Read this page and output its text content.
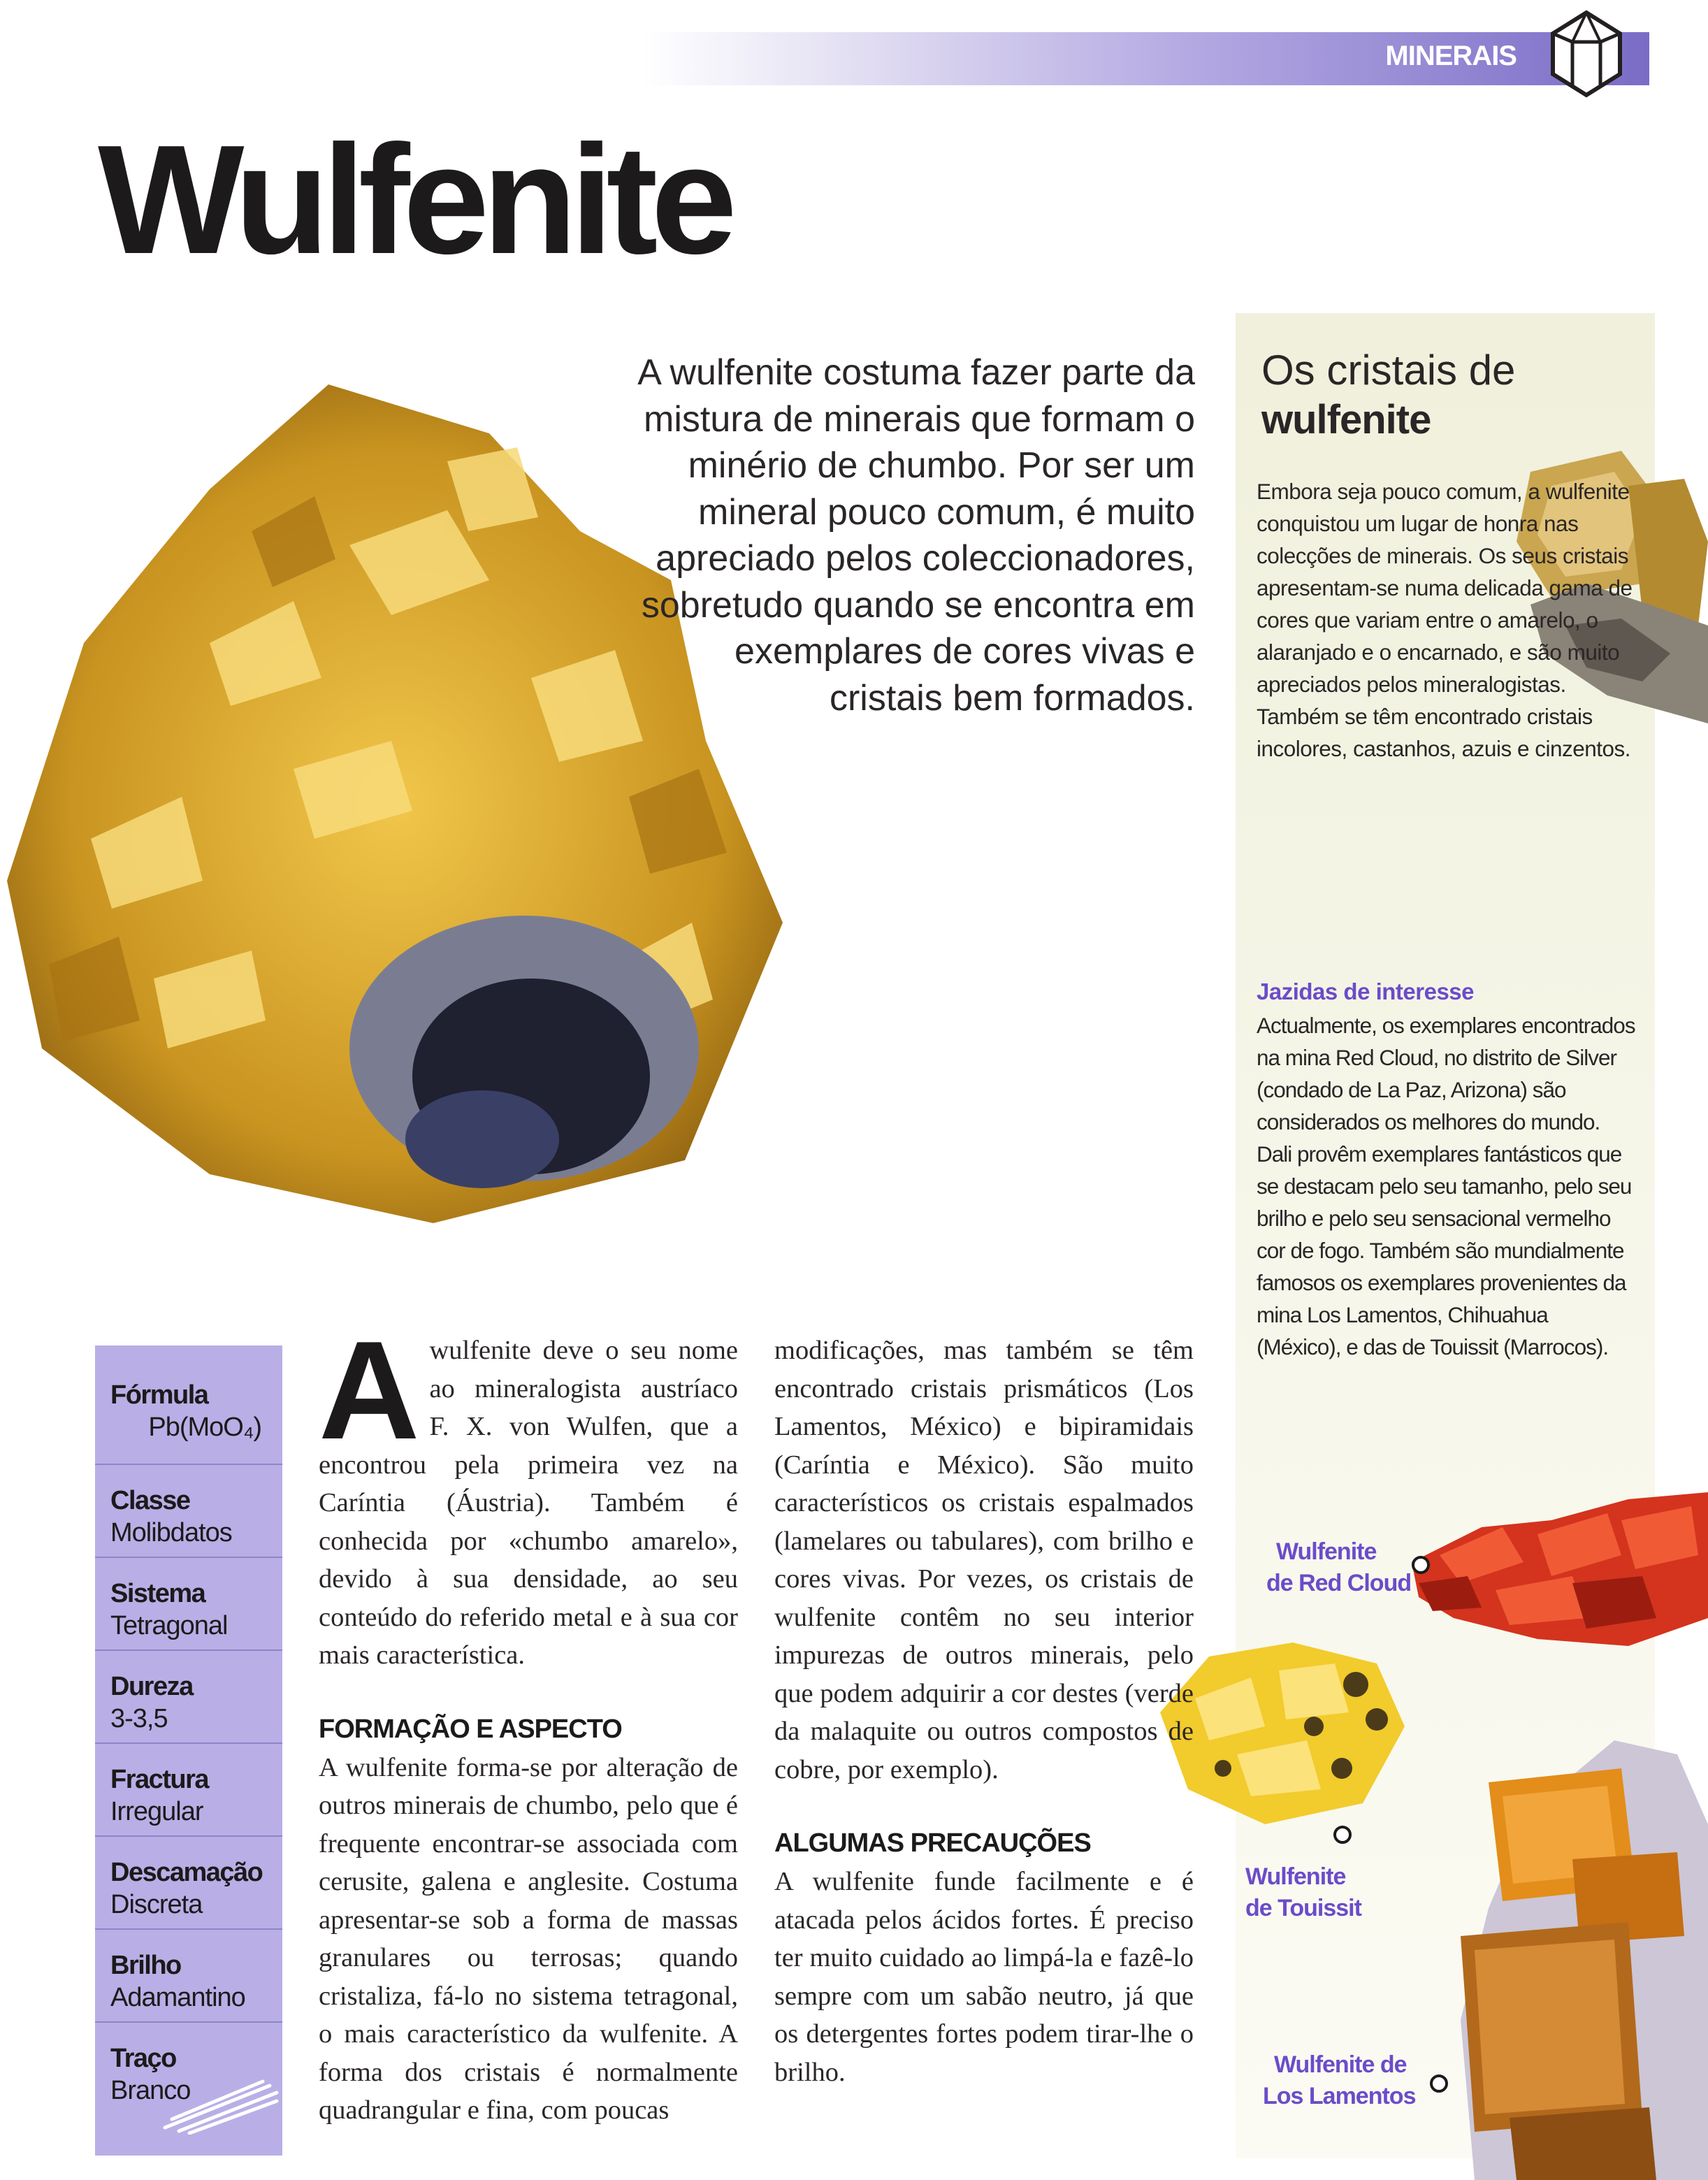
MINERAIS
Wulfenite
A wulfenite costuma fazer parte da mistura de minerais que formam o minério de chumbo. Por ser um mineral pouco comum, é muito apreciado pelos coleccionadores, sobretudo quando se encontra em exemplares de cores vivas e cristais bem formados.
Os cristais de
wulfenite
Embora seja pouco comum, a wulfenite conquistou um lugar de honra nas colecções de minerais. Os seus cristais apresentam-se numa delicada gama de cores que variam entre o amarelo, o alaranjado e o encarnado, e são muito apreciados pelos mineralogistas. Também se têm encontrado cristais incolores, castanhos, azuis e cinzentos.
Jazidas de interesse
Actualmente, os exemplares encontrados na mina Red Cloud, no distrito de Silver (condado de La Paz, Arizona) são considerados os melhores do mundo. Dali provêm exemplares fantásticos que se destacam pelo seu tamanho, pelo seu brilho e pelo seu sensacional vermelho cor de fogo. Também são mundialmente famosos os exemplares provenientes da mina Los Lamentos, Chihuahua (México), e das de Touissit (Marrocos).
Wulfenite
de Red Cloud
Wulfenite
de Touissit
Wulfenite de
Los Lamentos
Fórmula
Pb(MoO₄)
Classe
Molibdatos
Sistema
Tetragonal
Dureza
3-3,5
Fractura
Irregular
Descamação
Discreta
Brilho
Adamantino
Traço
Branco
A wulfenite deve o seu nome ao mineralogista austríaco F. X. von Wulfen, que a encontrou pela primeira vez na Caríntia (Áustria). Também é conhecida por «chumbo amarelo», devido à sua densidade, ao seu conteúdo do referido metal e à sua cor mais característica.

FORMAÇÃO E ASPECTO

A wulfenite forma-se por alteração de outros minerais de chumbo, pelo que é frequente encontrar-se associada com cerusite, galena e anglesite. Costuma apresentar-se sob a forma de massas granulares ou terrosas; quando cristaliza, fá-lo no sistema tetragonal, o mais característico da wulfenite. A forma dos cristais é normalmente quadrangular e fina, com poucas

modificações, mas também se têm encontrado cristais prismáticos (Los Lamentos, México) e bipiramidais (Caríntia e México). São muito característicos os cristais espalmados (lamelares ou tabulares), com brilho e cores vivas. Por vezes, os cristais de wulfenite contêm no seu interior impurezas de outros minerais, pelo que podem adquirir a cor destes (verde da malaquite ou outros compostos de cobre, por exemplo).

ALGUMAS PRECAUÇÕES

A wulfenite funde facilmente e é atacada pelos ácidos fortes. É preciso ter muito cuidado ao limpá-la e fazê-lo sempre com um sabão neutro, já que os detergentes fortes podem tirar-lhe o brilho.
